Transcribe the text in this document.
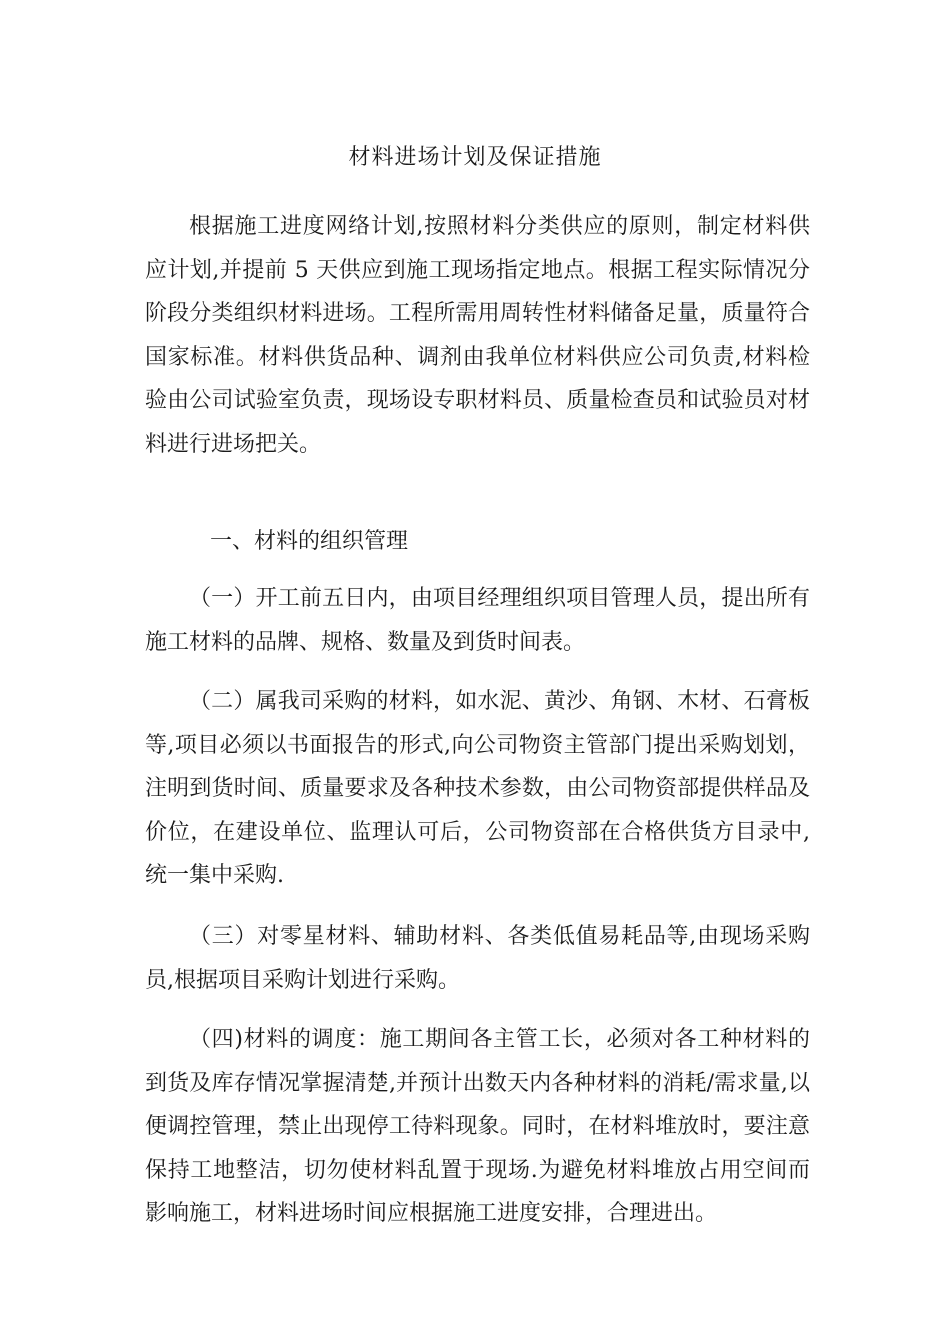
材料进场计划及保证措施

根据施工进度网络计划,按照材料分类供应的原则，制定材料供应计划,并提前 5 天供应到施工现场指定地点。根据工程实际情况分阶段分类组织材料进场。工程所需用周转性材料储备足量，质量符合国家标准。材料供货品种、调剂由我单位材料供应公司负责,材料检验由公司试验室负责，现场设专职材料员、质量检查员和试验员对材料进行进场把关。

一、材料的组织管理

（一）开工前五日内，由项目经理组织项目管理人员，提出所有施工材料的品牌、规格、数量及到货时间表。

（二）属我司采购的材料，如水泥、黄沙、角钢、木材、石膏板等,项目必须以书面报告的形式,向公司物资主管部门提出采购划划，注明到货时间、质量要求及各种技术参数，由公司物资部提供样品及价位，在建设单位、监理认可后，公司物资部在合格供货方目录中,统一集中采购.

（三）对零星材料、辅助材料、各类低值易耗品等,由现场采购员,根据项目采购计划进行采购。

（四)材料的调度：施工期间各主管工长，必须对各工种材料的到货及库存情况掌握清楚,并预计出数天内各种材料的消耗/需求量,以便调控管理，禁止出现停工待料现象。同时，在材料堆放时，要注意保持工地整洁，切勿使材料乱置于现场.为避免材料堆放占用空间而影响施工，材料进场时间应根据施工进度安排，合理进出。
